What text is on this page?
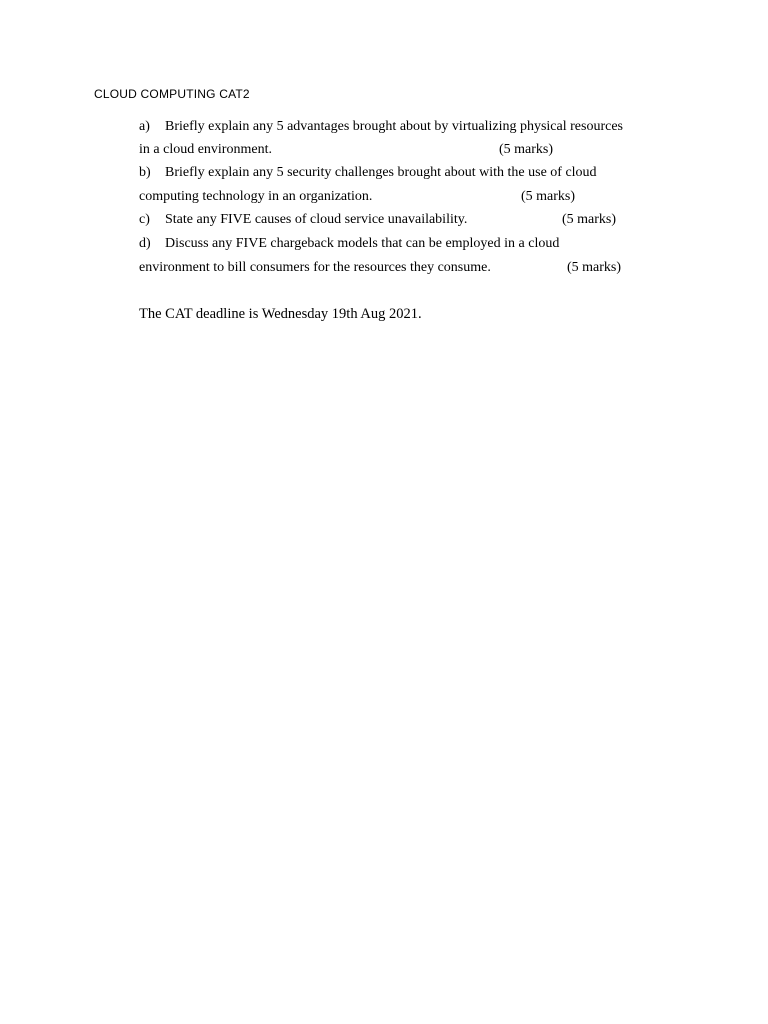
CLOUD COMPUTING CAT2
a) Briefly explain any 5 advantages brought about by virtualizing physical resources
in a cloud environment.	(5 marks)
b) Briefly explain any 5 security challenges brought about with the use of cloud
computing technology in an organization.	(5 marks)
c) State any FIVE causes of cloud service unavailability.	(5 marks)
d) Discuss any FIVE chargeback models that can be employed in a cloud
environment to bill consumers for the resources they consume.	(5 marks)
The CAT deadline is Wednesday 19th Aug 2021.
